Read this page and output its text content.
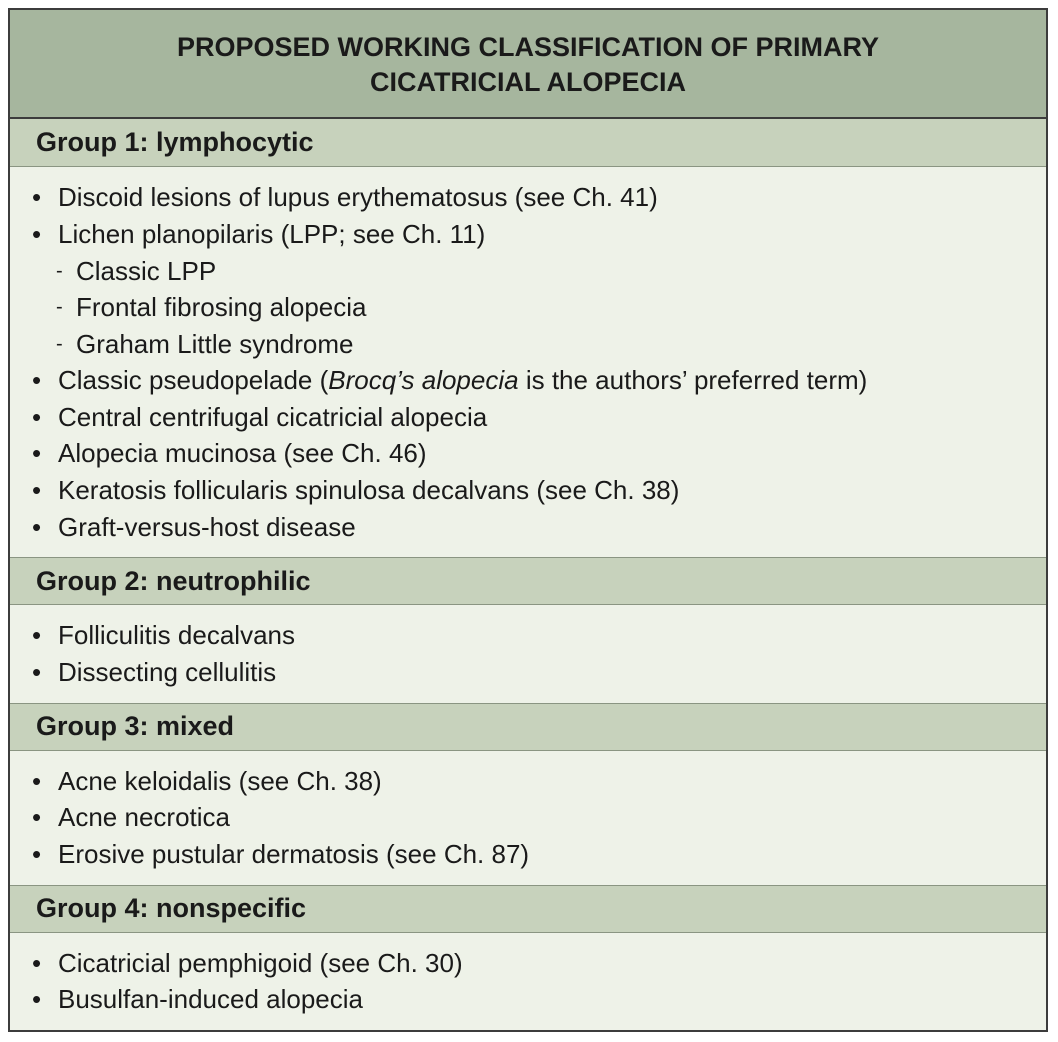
PROPOSED WORKING CLASSIFICATION OF PRIMARY
CICATRICIAL ALOPECIA
Group 1: lymphocytic
• Discoid lesions of lupus erythematosus (see Ch. 41)
• Lichen planopilaris (LPP; see Ch. 11)
- Classic LPP
- Frontal fibrosing alopecia
- Graham Little syndrome
• Classic pseudopelade (Brocq’s alopecia is the authors’ preferred term)
• Central centrifugal cicatricial alopecia
• Alopecia mucinosa (see Ch. 46)
• Keratosis follicularis spinulosa decalvans (see Ch. 38)
• Graft-versus-host disease
Group 2: neutrophilic
• Folliculitis decalvans
• Dissecting cellulitis
Group 3: mixed
• Acne keloidalis (see Ch. 38)
• Acne necrotica
• Erosive pustular dermatosis (see Ch. 87)
Group 4: nonspecific
• Cicatricial pemphigoid (see Ch. 30)
• Busulfan-induced alopecia
